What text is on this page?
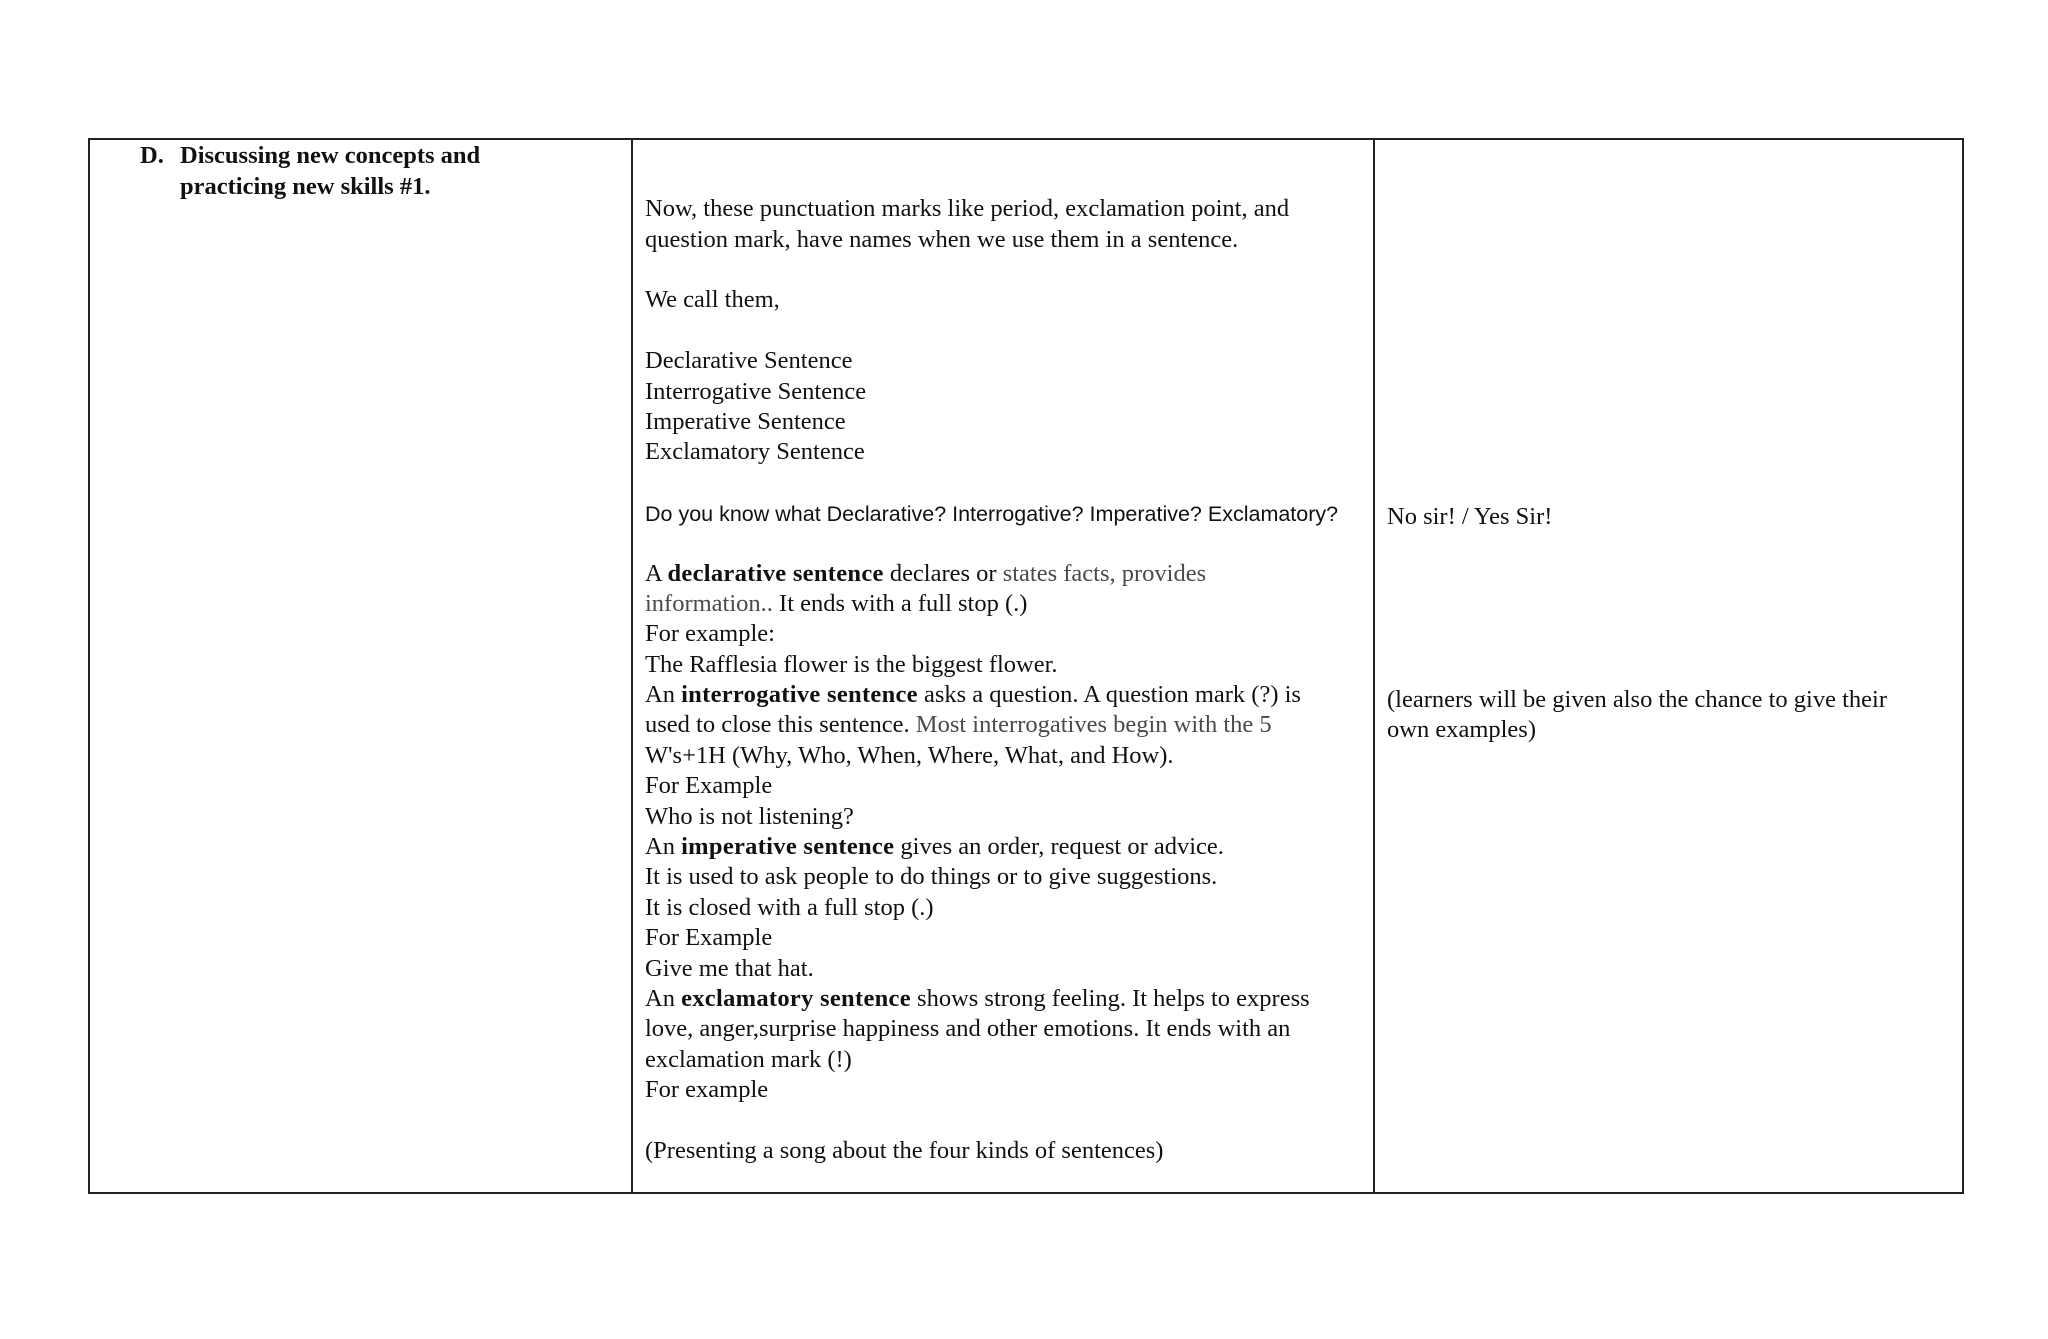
D. Discussing new concepts and
practicing new skills #1.
Now, these punctuation marks like period, exclamation point, and
question mark, have names when we use them in a sentence.
We call them,
Declarative Sentence
Interrogative Sentence
Imperative Sentence
Exclamatory Sentence
Do you know what Declarative? Interrogative? Imperative? Exclamatory?
A declarative sentence declares or states facts, provides
information.. It ends with a full stop (.)
For example:
The Rafflesia flower is the biggest flower.
An interrogative sentence asks a question. A question mark (?) is
used to close this sentence. Most interrogatives begin with the 5
W's+1H (Why, Who, When, Where, What, and How).
For Example
Who is not listening?
An imperative sentence gives an order, request or advice.
It is used to ask people to do things or to give suggestions.
It is closed with a full stop (.)
For Example
Give me that hat.
An exclamatory sentence shows strong feeling. It helps to express
love, anger,surprise happiness and other emotions. It ends with an
exclamation mark (!)
For example
(Presenting a song about the four kinds of sentences)
No sir! / Yes Sir!
(learners will be given also the chance to give their
own examples)
